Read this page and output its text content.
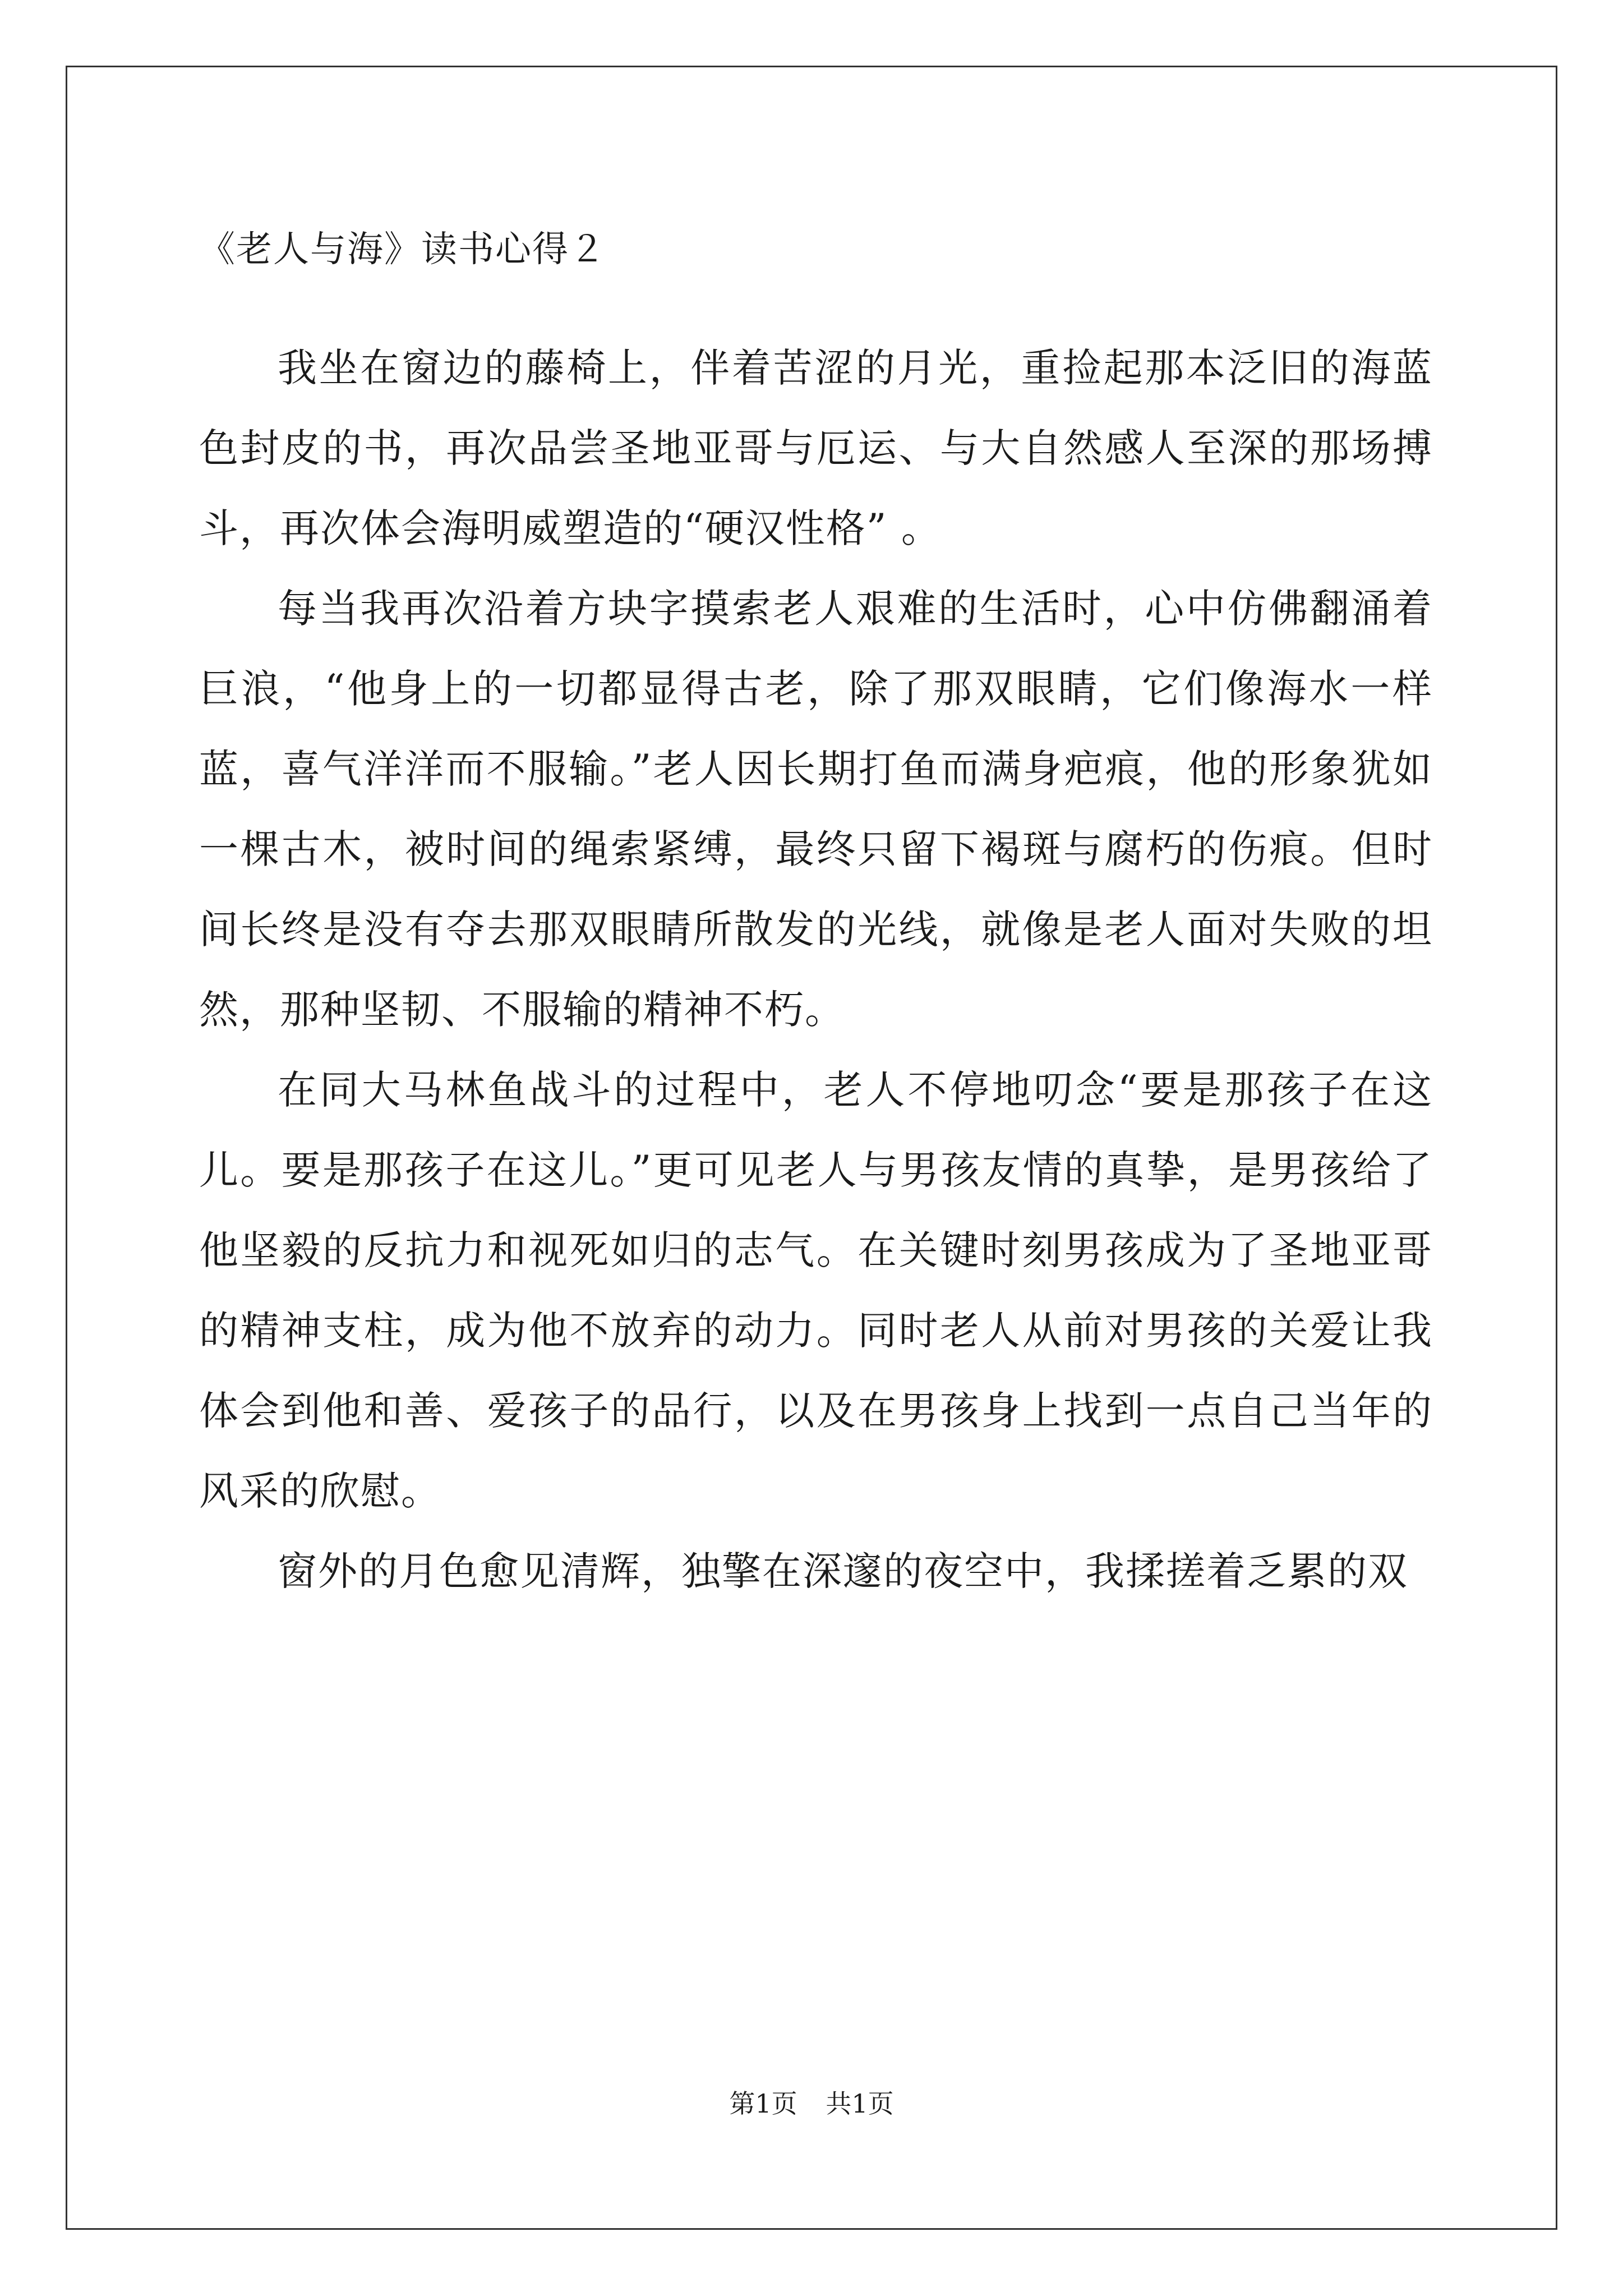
《老人与海》读书心得２

我坐在窗边的藤椅上，伴着苦涩的月光，重捡起那本泛旧的海蓝色封皮的书，再次品尝圣地亚哥与厄运、与大自然感人至深的那场搏斗，再次体会海明威塑造的“硬汉性格” 。

每当我再次沿着方块字摸索老人艰难的生活时，心中仿佛翻涌着巨浪，“他身上的一切都显得古老，除了那双眼睛，它们像海水一样蓝，喜气洋洋而不服输。”老人因长期打鱼而满身疤痕，他的形象犹如一棵古木，被时间的绳索紧缚，最终只留下褐斑与腐朽的伤痕。但时间长终是没有夺去那双眼睛所散发的光线，就像是老人面对失败的坦然，那种坚韧、不服输的精神不朽。

在同大马林鱼战斗的过程中，老人不停地叨念“要是那孩子在这儿。要是那孩子在这儿。”更可见老人与男孩友情的真挚，是男孩给了他坚毅的反抗力和视死如归的志气。在关键时刻男孩成为了圣地亚哥的精神支柱，成为他不放弃的动力。同时老人从前对男孩的关爱让我体会到他和善、爱孩子的品行，以及在男孩身上找到一点自己当年的风采的欣慰。

窗外的月色愈见清辉，独擎在深邃的夜空中，我揉搓着乏累的双

第1页 共1页
